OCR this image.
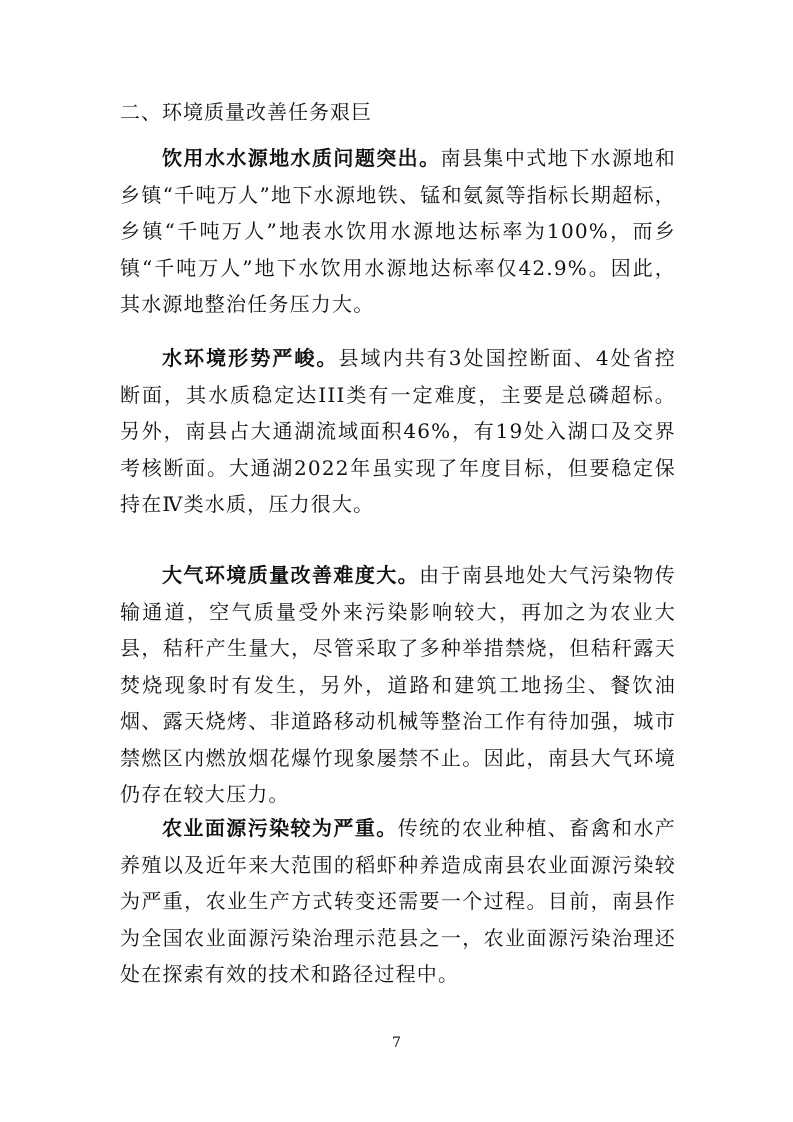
二、环境质量改善任务艰巨

饮用水水源地水质问题突出。南县集中式地下水源地和乡镇“千吨万人”地下水源地铁、锰和氨氮等指标长期超标，乡镇“千吨万人”地表水饮用水源地达标率为100%，而乡镇“千吨万人”地下水饮用水源地达标率仅42.9%。因此，其水源地整治任务压力大。

水环境形势严峻。县域内共有3处国控断面、4处省控断面，其水质稳定达III类有一定难度，主要是总磷超标。另外，南县占大通湖流域面积46%，有19处入湖口及交界考核断面。大通湖2022年虽实现了年度目标，但要稳定保持在Ⅳ类水质，压力很大。

大气环境质量改善难度大。由于南县地处大气污染物传输通道，空气质量受外来污染影响较大，再加之为农业大县，秸秆产生量大，尽管采取了多种举措禁烧，但秸秆露天焚烧现象时有发生，另外，道路和建筑工地扬尘、餐饮油烟、露天烧烤、非道路移动机械等整治工作有待加强，城市禁燃区内燃放烟花爆竹现象屡禁不止。因此，南县大气环境仍存在较大压力。

农业面源污染较为严重。传统的农业种植、畜禽和水产养殖以及近年来大范围的稻虾种养造成南县农业面源污染较为严重，农业生产方式转变还需要一个过程。目前，南县作为全国农业面源污染治理示范县之一，农业面源污染治理还处在探索有效的技术和路径过程中。

7
